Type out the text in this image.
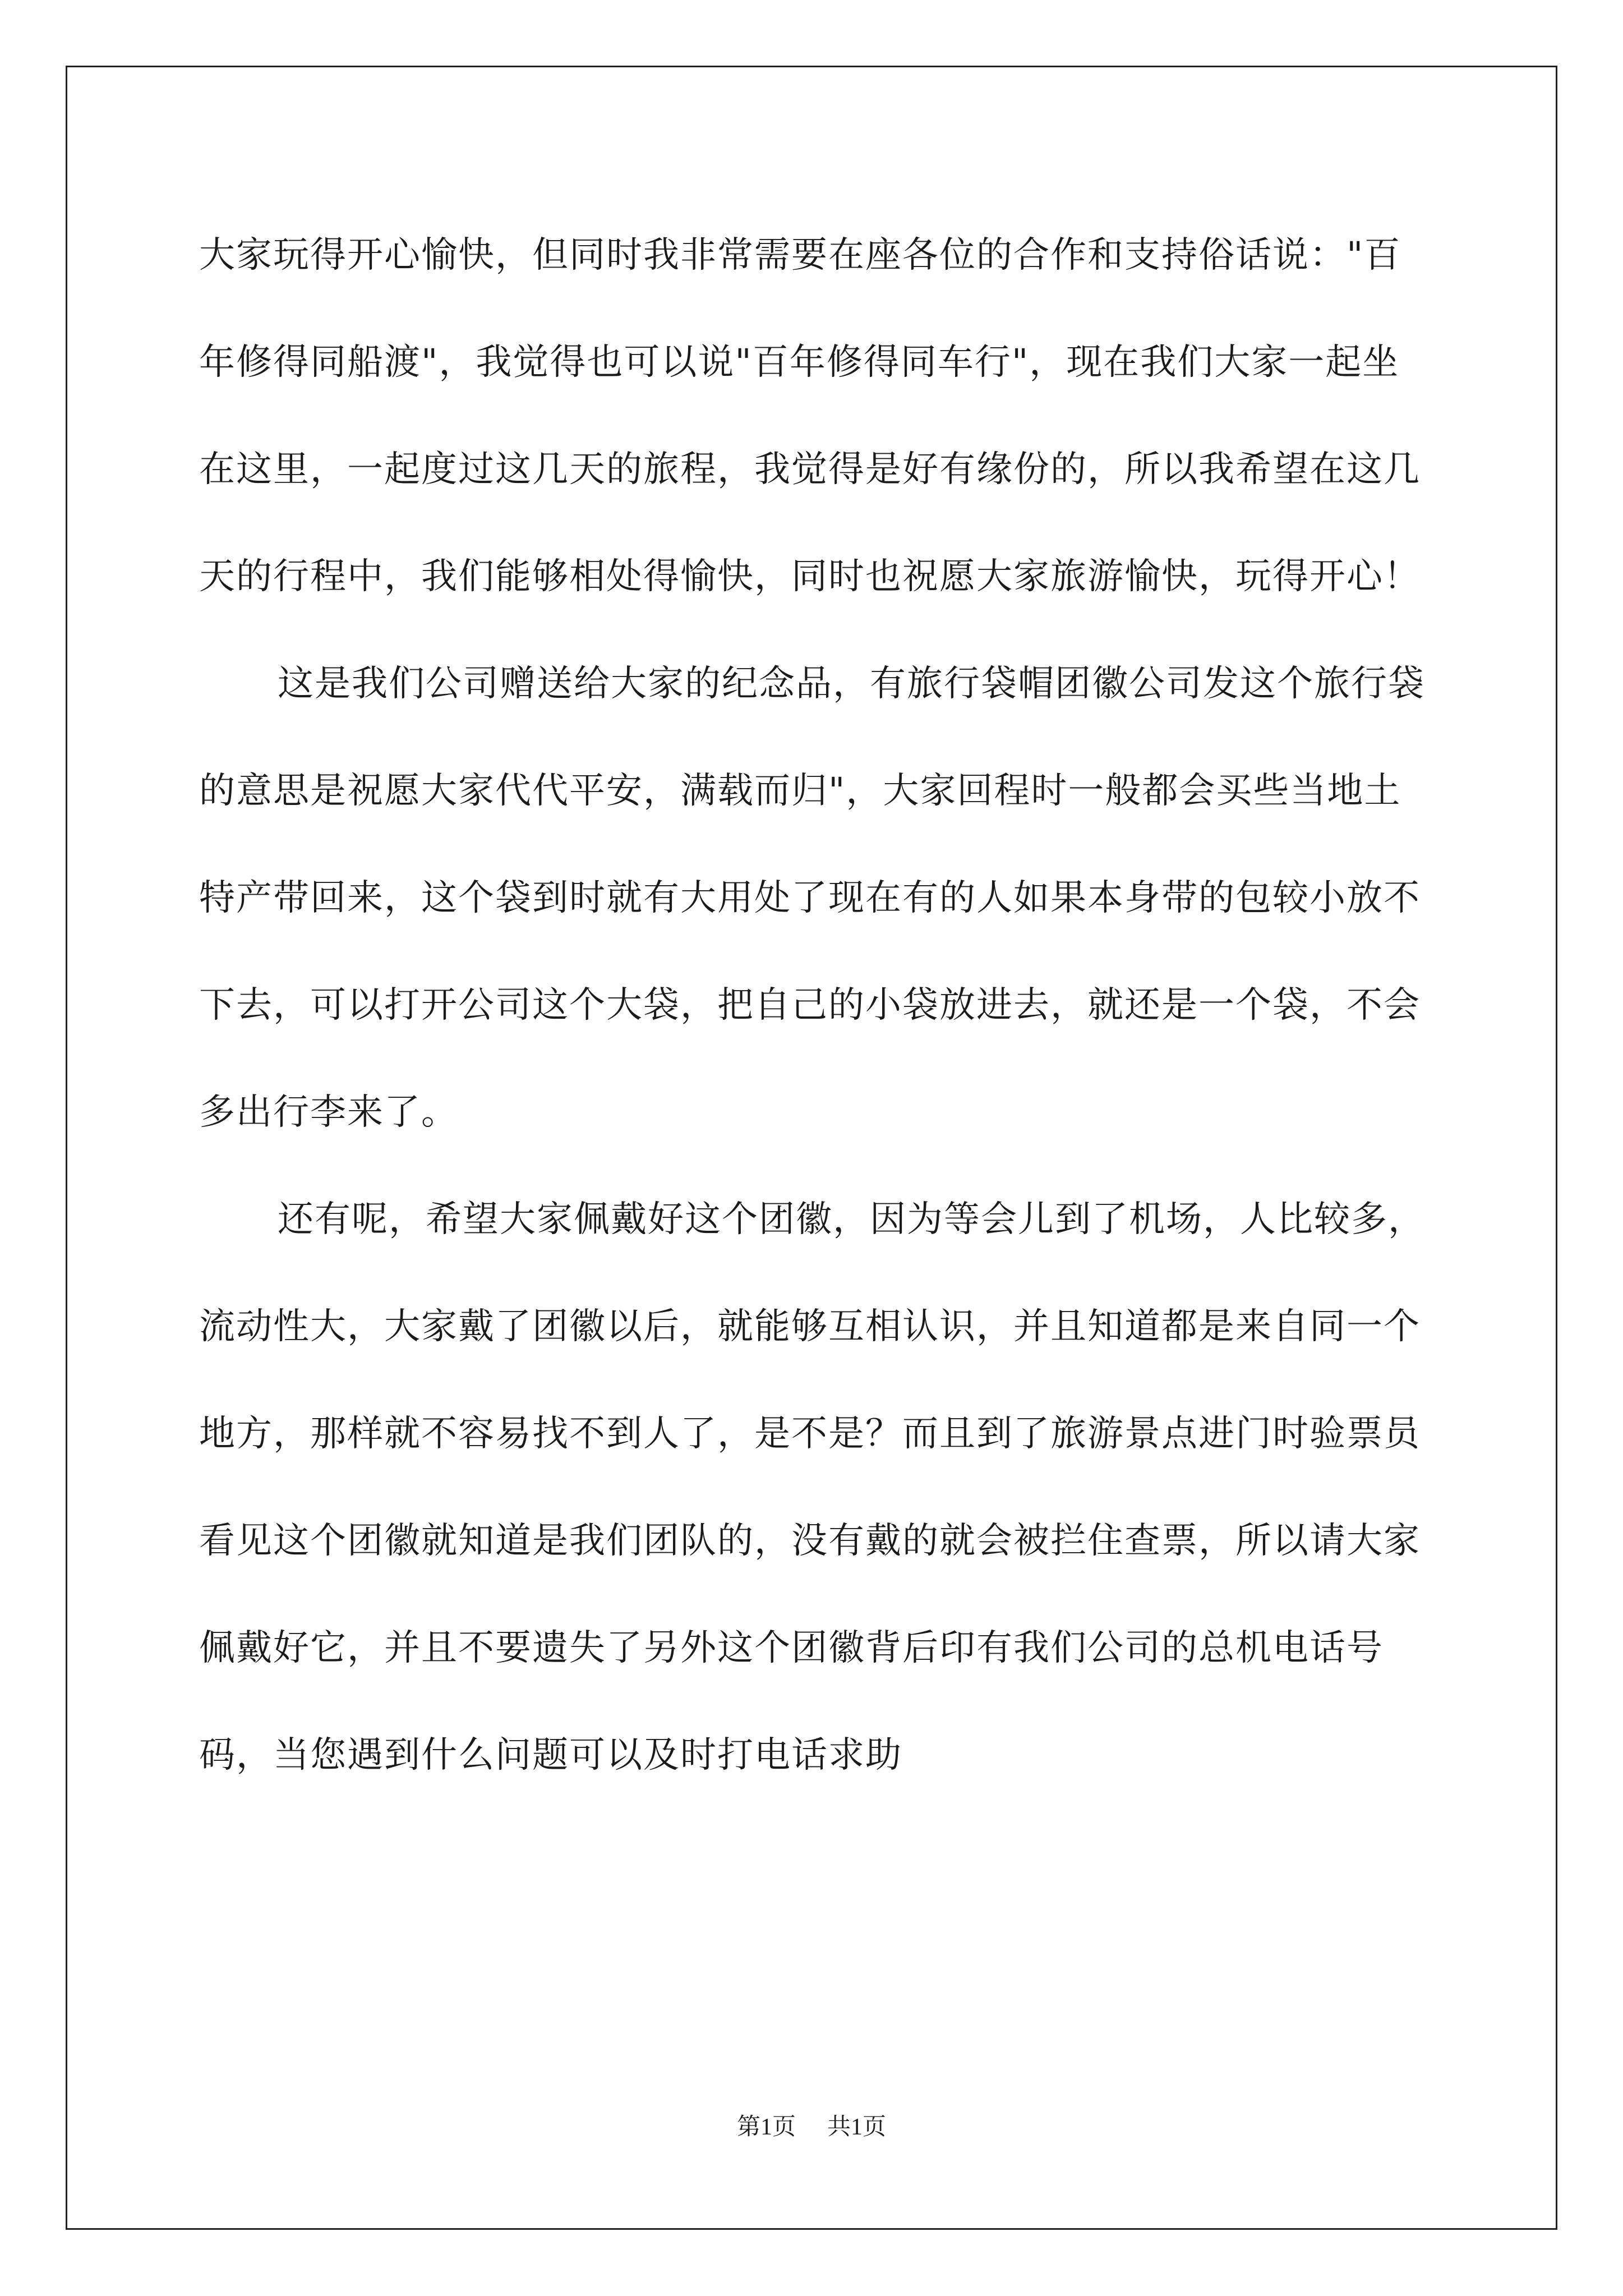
大家玩得开心愉快，但同时我非常需要在座各位的合作和支持俗话说："百年修得同船渡"，我觉得也可以说"百年修得同车行"，现在我们大家一起坐在这里，一起度过这几天的旅程，我觉得是好有缘份的，所以我希望在这几天的行程中，我们能够相处得愉快，同时也祝愿大家旅游愉快，玩得开心！

这是我们公司赠送给大家的纪念品，有旅行袋帽团徽公司发这个旅行袋的意思是祝愿大家代代平安，满载而归"，大家回程时一般都会买些当地土特产带回来，这个袋到时就有大用处了现在有的人如果本身带的包较小放不下去，可以打开公司这个大袋，把自己的小袋放进去，就还是一个袋，不会多出行李来了。

还有呢，希望大家佩戴好这个团徽，因为等会儿到了机场，人比较多，流动性大，大家戴了团徽以后，就能够互相认识，并且知道都是来自同一个地方，那样就不容易找不到人了，是不是？而且到了旅游景点进门时验票员看见这个团徽就知道是我们团队的，没有戴的就会被拦住查票，所以请大家佩戴好它，并且不要遗失了另外这个团徽背后印有我们公司的总机电话号码，当您遇到什么问题可以及时打电话求助

第1页 共1页
